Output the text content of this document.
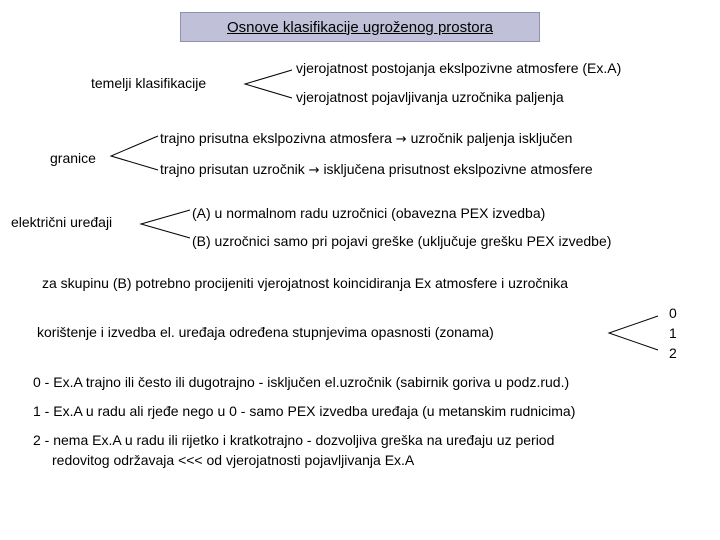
Osnove klasifikacije ugroženog prostora
temelji klasifikacije
vjerojatnost postojanja ekslpozivne atmosfere (Ex.A)
vjerojatnost pojavljivanja uzročnika paljenja
granice
trajno prisutna ekslpozivna atmosfera → uzročnik paljenja isključen
trajno prisutan uzročnik → isključena prisutnost ekslpozivne atmosfere
električni uređaji
(A) u normalnom radu uzročnici (obavezna PEX izvedba)
(B) uzročnici samo pri pojavi greške (uključuje grešku PEX izvedbe)
za skupinu (B) potrebno procijeniti vjerojatnost koincidiranja Ex atmosfere i uzročnika
korištenje i izvedba el. uređaja određena stupnjevima opasnosti (zonama)
0
1
2
0 - Ex.A trajno ili često ili dugotrajno - isključen el.uzročnik (sabirnik goriva u podz.rud.)
1 - Ex.A u radu ali rjeđe nego u 0 - samo PEX izvedba uređaja (u metanskim rudnicima)
2 - nema Ex.A u radu ili rijetko i kratkotrajno - dozvoljiva greška na uređaju uz period
redovitog održavaja <<< od vjerojatnosti pojavljivanja Ex.A
